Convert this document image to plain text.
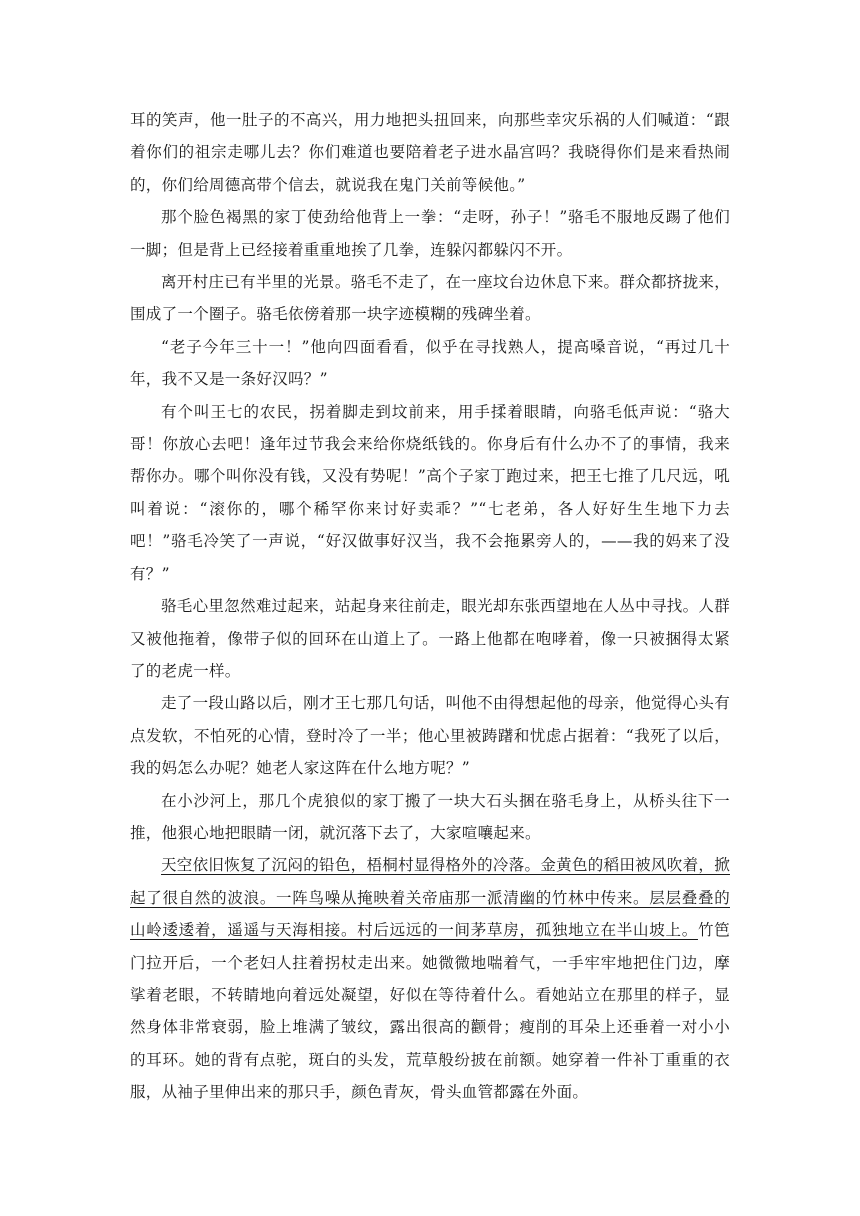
耳的笑声，他一肚子的不高兴，用力地把头扭回来，向那些幸灾乐祸的人们喊道：“跟着你们的祖宗走哪儿去？你们难道也要陪着老子进水晶宫吗？我晓得你们是来看热闹的，你们给周德高带个信去，就说我在鬼门关前等候他。”

那个脸色褐黑的家丁使劲给他背上一拳：“走呀，孙子！”骆毛不服地反踢了他们一脚；但是背上已经接着重重地挨了几拳，连躲闪都躲闪不开。

离开村庄已有半里的光景。骆毛不走了，在一座坟台边休息下来。群众都挤拢来，围成了一个圈子。骆毛依傍着那一块字迹模糊的残碑坐着。

“老子今年三十一！”他向四面看看，似乎在寻找熟人，提高嗓音说，“再过几十年，我不又是一条好汉吗？”

有个叫王七的农民，拐着脚走到坟前来，用手揉着眼睛，向骆毛低声说：“骆大哥！你放心去吧！逢年过节我会来给你烧纸钱的。你身后有什么办不了的事情，我来帮你办。哪个叫你没有钱，又没有势呢！”高个子家丁跑过来，把王七推了几尺远，吼叫着说：“滚你的，哪个稀罕你来讨好卖乖？”“七老弟，各人好好生生地下力去吧！”骆毛冷笑了一声说，“好汉做事好汉当，我不会拖累旁人的，——我的妈来了没有？”

骆毛心里忽然难过起来，站起身来往前走，眼光却东张西望地在人丛中寻找。人群又被他拖着，像带子似的回环在山道上了。一路上他都在咆哮着，像一只被捆得太紧了的老虎一样。

走了一段山路以后，刚才王七那几句话，叫他不由得想起他的母亲，他觉得心头有点发软，不怕死的心情，登时冷了一半；他心里被踌躇和忧虑占据着：“我死了以后，我的妈怎么办呢？她老人家这阵在什么地方呢？”

在小沙河上，那几个虎狼似的家丁搬了一块大石头捆在骆毛身上，从桥头往下一推，他狠心地把眼睛一闭，就沉落下去了，大家喧嚷起来。

天空依旧恢复了沉闷的铅色，梧桐村显得格外的冷落。金黄色的稻田被风吹着，掀起了很自然的波浪。一阵鸟噪从掩映着关帝庙那一派清幽的竹林中传来。层层叠叠的山岭逶逶着，遥遥与天海相接。村后远远的一间茅草房，孤独地立在半山坡上。竹笆门拉开后，一个老妇人拄着拐杖走出来。她微微地喘着气，一手牢牢地把住门边，摩挲着老眼，不转睛地向着远处凝望，好似在等待着什么。看她站立在那里的样子，显然身体非常衰弱，脸上堆满了皱纹，露出很高的颧骨；瘦削的耳朵上还垂着一对小小的耳环。她的背有点驼，斑白的头发，荒草般纷披在前额。她穿着一件补丁重重的衣服，从袖子里伸出来的那只手，颜色青灰，骨头血管都露在外面。
